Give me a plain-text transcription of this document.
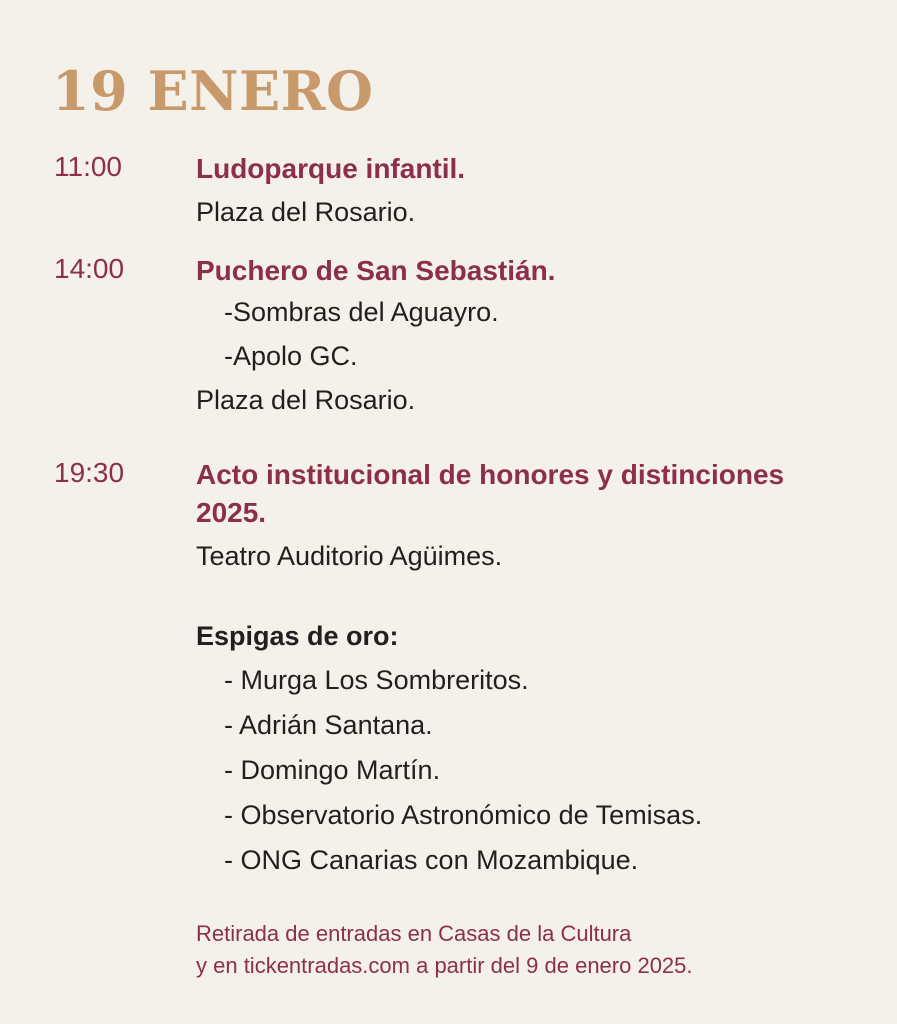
19 ENERO
11:00	Ludoparque infantil.
Plaza del Rosario.
14:00	Puchero de San Sebastián.
-Sombras del Aguayro.
-Apolo GC.
Plaza del Rosario.
19:30	Acto institucional de honores y distinciones
2025.
Teatro Auditorio Agüimes.
Espigas de oro:
- Murga Los Sombreritos.
- Adrián Santana.
- Domingo Martín.
- Observatorio Astronómico de Temisas.
- ONG Canarias con Mozambique.
Retirada de entradas en Casas de la Cultura
y en tickentradas.com a partir del 9 de enero 2025.
